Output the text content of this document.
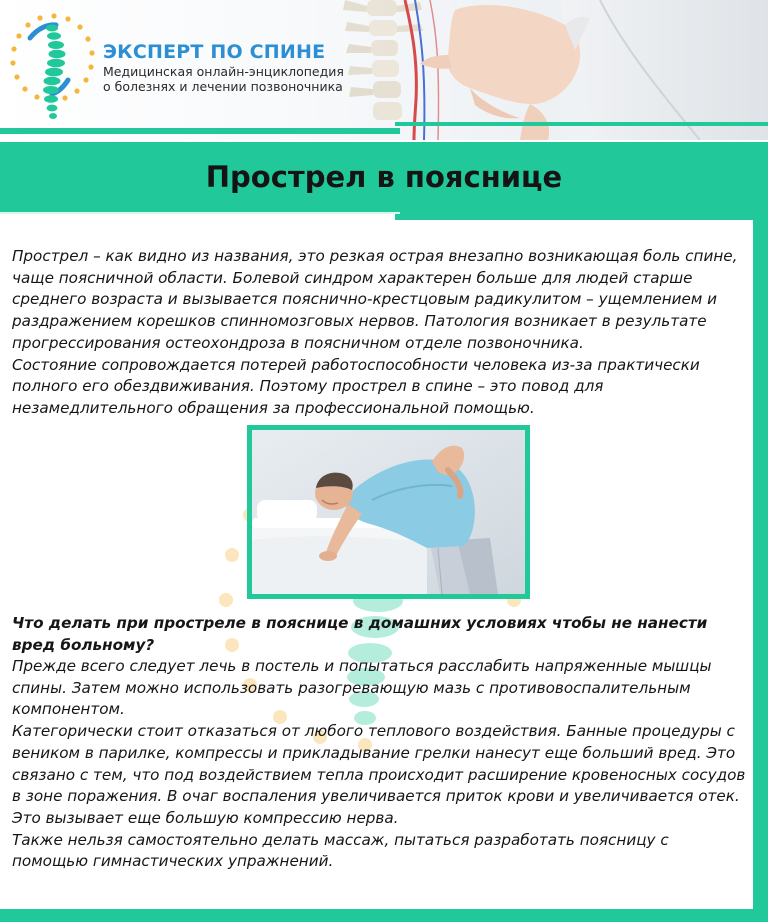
ЭКСПЕРТ ПО СПИНЕ
Медицинская онлайн-энциклопедия о болезнях и лечении позвоночника
Прострел в пояснице

Прострел – как видно из названия, это резкая острая внезапно возникающая боль спине, чаще поясничной области. Болевой синдром характерен больше для людей старше среднего возраста и вызывается пояснично-крестцовым радикулитом – ущемлением и раздражением корешков спинномозговых нервов. Патология возникает в результате прогрессирования остеохондроза в поясничном отделе позвоночника.
Состояние сопровождается потерей работоспособности человека из-за практически полного его обездвиживания. Поэтому прострел в спине – это повод для незамедлительного обращения за профессиональной помощью.

Что делать при прострелe в пояснице в домашних условиях чтобы не нанести вред больному?

Прежде всего следует лечь в постель и попытаться расслабить напряженные мышцы спины. Затем можно использовать разогревающую мазь с противовоспалительным компонентом.
Категорически стоит отказаться от любого теплового воздействия. Банные процедуры с веником в парилке, компрессы и прикладывание грелки нанесут еще больший вред. Это связано с тем, что под воздействием тепла происходит расширение кровеносных сосудов в зоне поражения. В очаг воспаления увеличивается приток крови и увеличивается отек. Это вызывает еще большую компрессию нерва.
Также нельзя самостоятельно делать массаж, пытаться разработать поясницу с помощью гимнастических упражнений.
